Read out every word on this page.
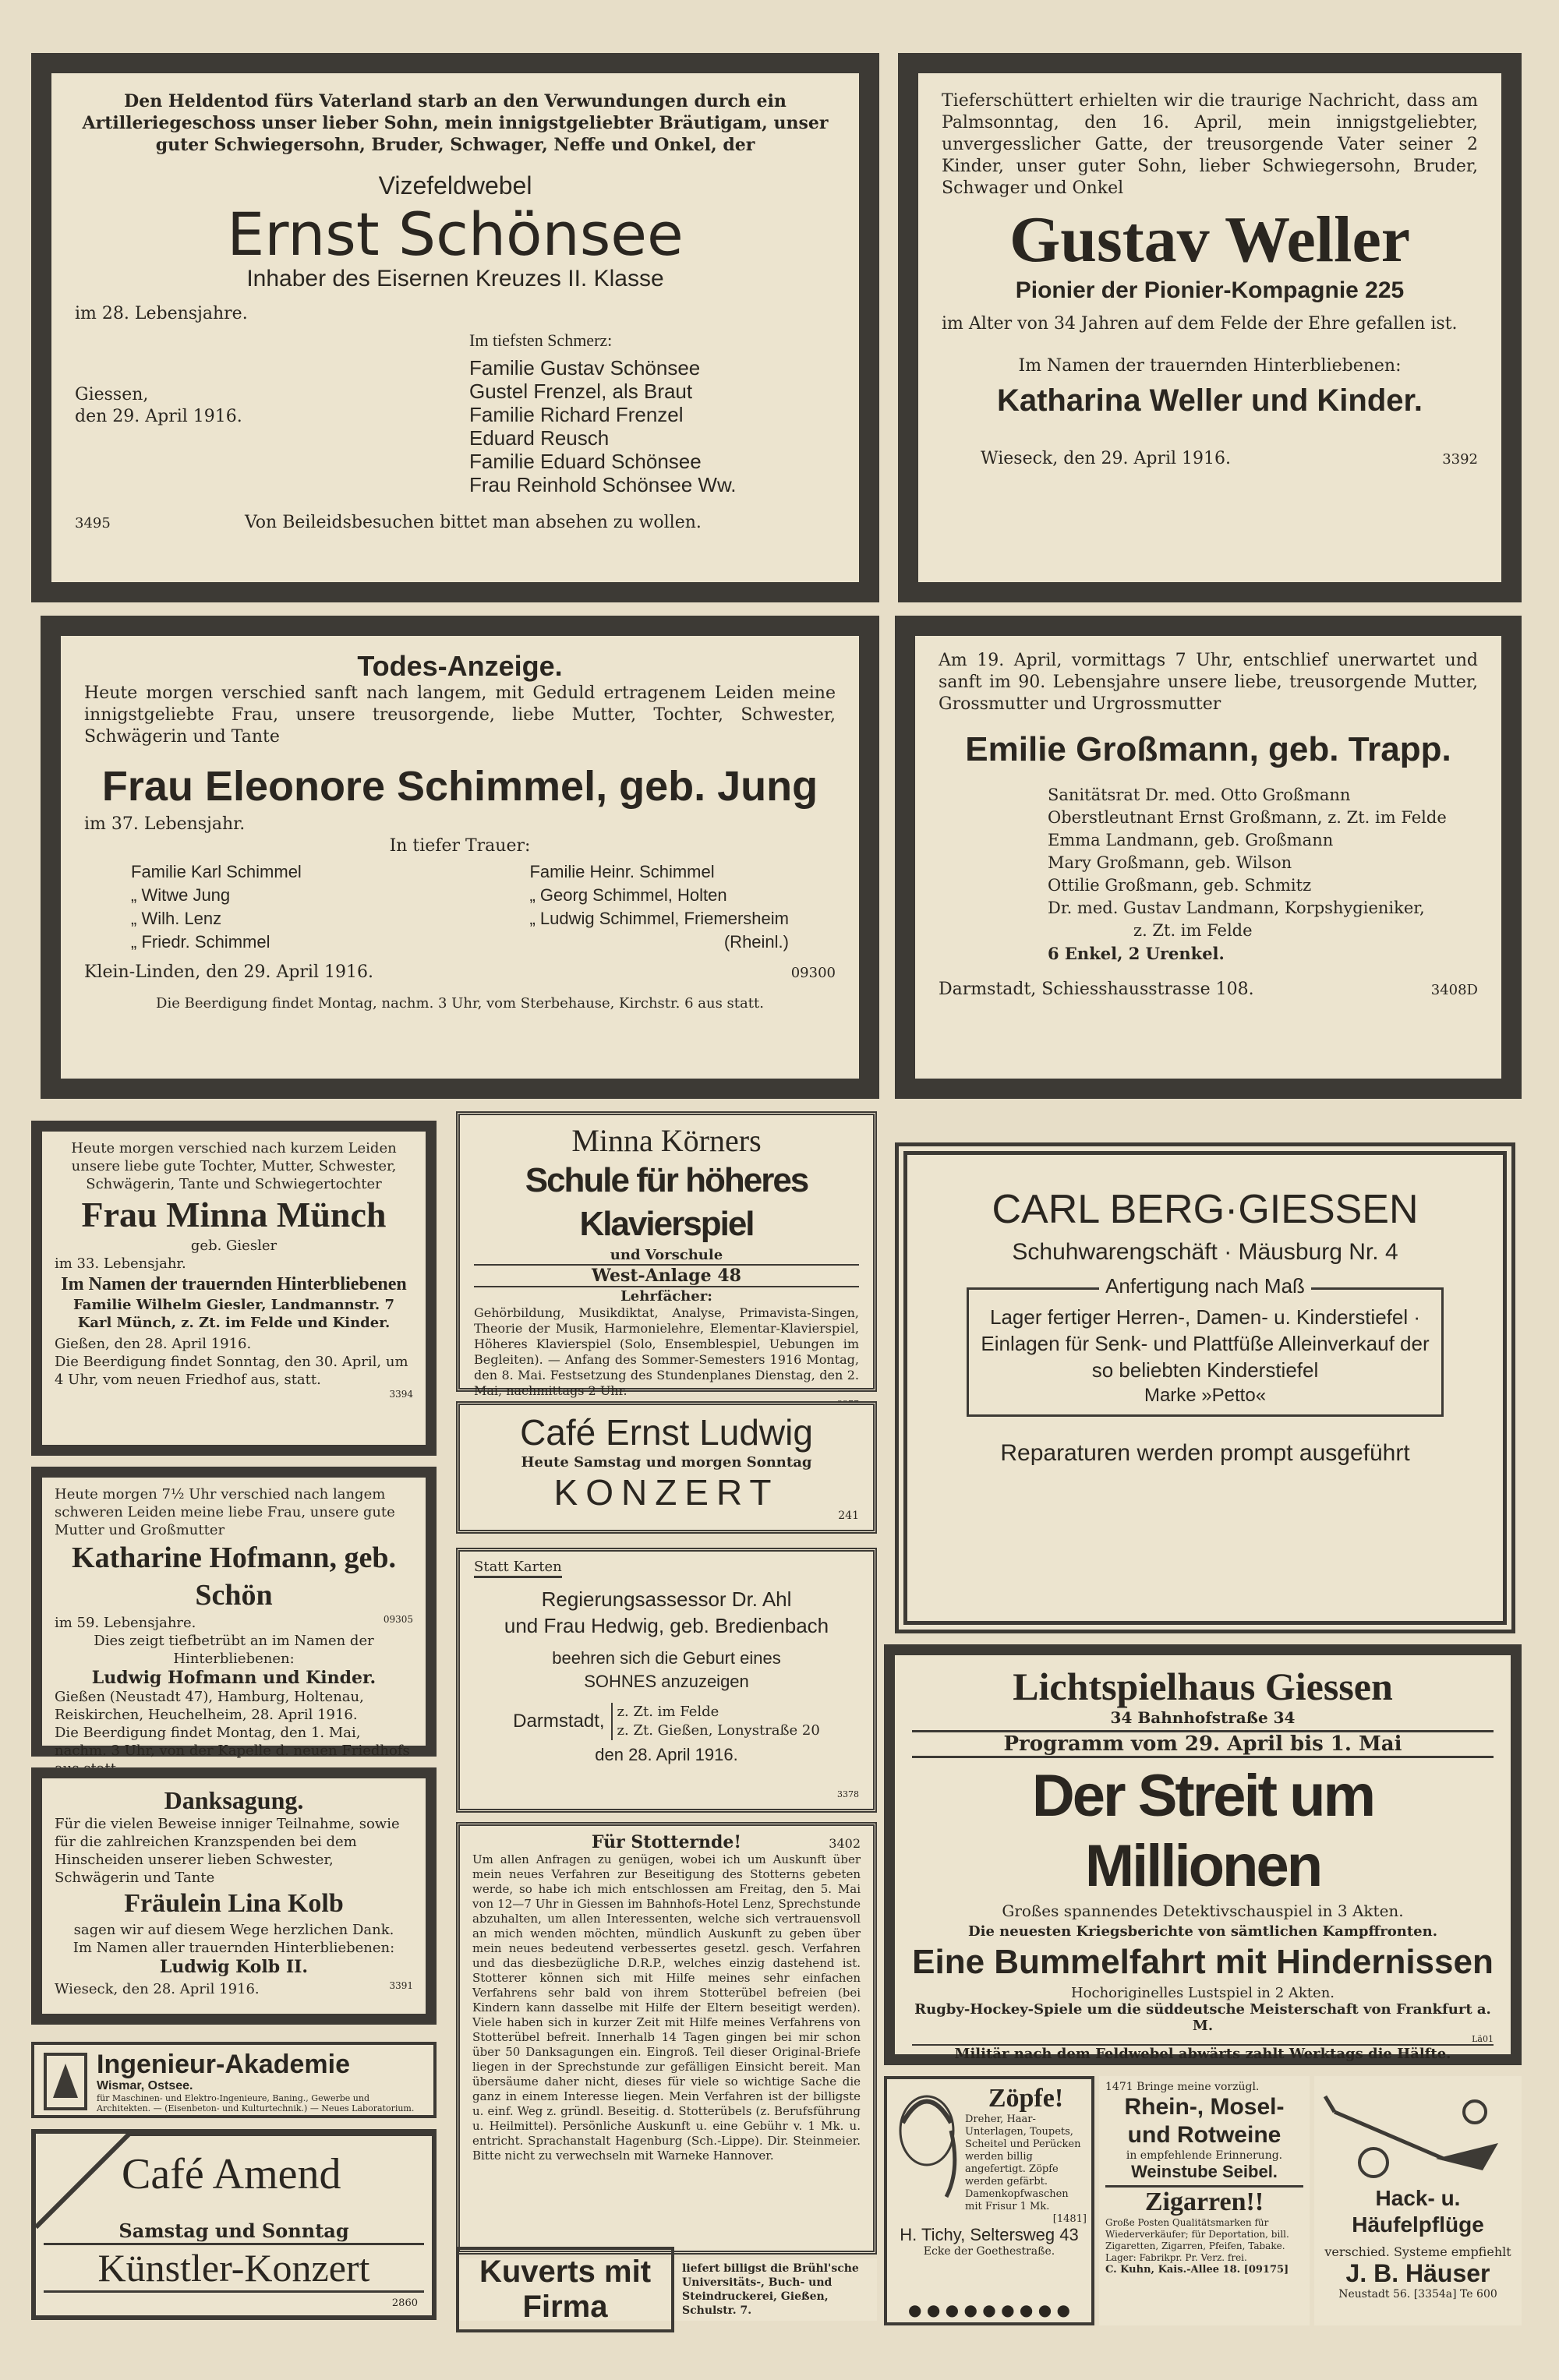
Den Heldentod fürs Vaterland starb an den Verwundungen durch ein Artilleriegeschoss unser lieber Sohn, mein innigstgeliebter Bräutigam, unser guter Schwiegersohn, Bruder, Schwager, Neffe und Onkel, der

Vizefeldwebel

Ernst Schönsee

Inhaber des Eisernen Kreuzes II. Klasse

im 28. Lebensjahre.

Giessen,

den 29. April 1916.

Im tiefsten Schmerz:

Familie Gustav Schönsee

Gustel Frenzel, als Braut

Familie Richard Frenzel

Eduard Reusch

Familie Eduard Schönsee

Frau Reinhold Schönsee Ww.

3495	Von Beileidsbesuchen bittet man absehen zu wollen.

Tieferschüttert erhielten wir die traurige Nachricht, dass am Palmsonntag, den 16. April, mein innigstgeliebter, unvergesslicher Gatte, der treusorgende Vater seiner 2 Kinder, unser guter Sohn, lieber Schwiegersohn, Bruder, Schwager und Onkel

Gustav Weller

Pionier der Pionier-Kompagnie 225

im Alter von 34 Jahren auf dem Felde der Ehre gefallen ist.

Im Namen der trauernden Hinterbliebenen:

Katharina Weller und Kinder.

Wieseck, den 29. April 1916.	3392

Todes-Anzeige.

Heute morgen verschied sanft nach langem, mit Geduld ertragenem Leiden meine innigstgeliebte Frau, unsere treusorgende, liebe Mutter, Tochter, Schwester, Schwägerin und Tante

Frau Eleonore Schimmel, geb. Jung

im 37. Lebensjahr.

In tiefer Trauer:

Familie Karl Schimmel

„ Witwe Jung

„ Wilh. Lenz

„ Friedr. Schimmel

Familie Heinr. Schimmel

„ Georg Schimmel, Holten

„ Ludwig Schimmel, Friemersheim

(Rheinl.)

Klein-Linden, den 29. April 1916.	09300

Die Beerdigung findet Montag, nachm. 3 Uhr, vom Sterbehause, Kirchstr. 6 aus statt.

Am 19. April, vormittags 7 Uhr, entschlief unerwartet und sanft im 90. Lebensjahre unsere liebe, treusorgende Mutter, Grossmutter und Urgrossmutter

Emilie Großmann, geb. Trapp.

Sanitätsrat Dr. med. Otto Großmann

Oberstleutnant Ernst Großmann, z. Zt. im Felde

Emma Landmann, geb. Großmann

Mary Großmann, geb. Wilson

Ottilie Großmann, geb. Schmitz

Dr. med. Gustav Landmann, Korpshygieniker,

z. Zt. im Felde

6 Enkel, 2 Urenkel.

Darmstadt, Schiesshausstrasse 108.	3408D

Heute morgen verschied nach kurzem Leiden unsere liebe gute Tochter, Mutter, Schwester, Schwägerin, Tante und Schwiegertochter

Frau Minna Münch

geb. Giesler

im 33. Lebensjahr.

Im Namen der trauernden Hinterbliebenen

Familie Wilhelm Giesler, Landmannstr. 7

Karl Münch, z. Zt. im Felde und Kinder.

Gießen, den 28. April 1916.

Die Beerdigung findet Sonntag, den 30. April, um 4 Uhr, vom neuen Friedhof aus, statt.

3394

Heute morgen 7½ Uhr verschied nach langem schweren Leiden meine liebe Frau, unsere gute Mutter und Großmutter

Katharine Hofmann, geb. Schön

im 59. Lebensjahre.	09305

Dies zeigt tiefbetrübt an im Namen der Hinterbliebenen:

Ludwig Hofmann und Kinder.

Gießen (Neustadt 47), Hamburg, Holtenau, Reiskirchen, Heuchelheim, 28. April 1916.

Die Beerdigung findet Montag, den 1. Mai, nachm. 3 Uhr, von der Kapelle d. neuen Friedhofs

Danksagung.

Für die vielen Beweise inniger Teilnahme, sowie für die zahlreichen Kranzspenden bei dem Hinscheiden unserer lieben Schwester, Schwägerin und Tante

Fräulein Lina Kolb

sagen wir auf diesem Wege herzlichen Dank.

Im Namen aller trauernden Hinterbliebenen:

Ludwig Kolb II.

Wieseck, den 28. April 1916.	3391

Ingenieur-Akademie

Wismar, Ostsee.

für Maschinen- und Elektro-Ingenieure, Baning., Gewerbe und Architekten. — (Eisenbeton- und Kulturtechnik.) — Neues Laboratorium.

Café Amend

Samstag und Sonntag

Künstler-Konzert

2860

Minna Körners

Schule für höheres Klavierspiel

und Vorschule

West-Anlage 48

Lehrfächer:

Gehörbildung, Musikdiktat, Analyse, Primavista-Singen, Theorie der Musik, Harmonielehre, Elementar-Klavierspiel, Höheres Klavierspiel (Solo, Ensemblespiel, Uebungen im Begleiten). — Anfang des Sommer-Semesters 1916 Montag, den 8. Mai. Festsetzung des Stundenplanes Dienstag, den 2. Mai, nachmittags 2 Uhr.

Café Ernst Ludwig

Heute Samstag und morgen Sonntag

KONZERT

241

Statt Karten

Regierungsassessor Dr. Ahl

und Frau Hedwig, geb. Bredienbach

beehren sich die Geburt eines

SOHNES anzuzeigen

Darmstadt, z. Zt. im Felde

z. Zt. Gießen, Lonystraße 20

den 28. April 1916.

3378

Für Stotternde!	3402

Um allen Anfragen zu genügen, wobei ich um Auskunft über mein neues Verfahren zur Beseitigung des Stotterns gebeten werde, so habe ich mich entschlossen am Freitag, den 5. Mai von 12—7 Uhr in Giessen im Bahnhofs-Hotel Lenz, Sprechstunde abzuhalten, um allen Interessenten, welche sich vertrauensvoll an mich wenden möchten, mündlich Auskunft zu geben über mein neues bedeutend verbessertes gesetzl. gesch. Verfahren und das diesbezügliche D.R.P., welches einzig dastehend ist. Stotterer können sich mit Hilfe meines sehr einfachen Verfahrens sehr bald von ihrem Stotterübel befreien (bei Kindern kann dasselbe mit Hilfe der Eltern beseitigt werden). Viele haben sich in kurzer Zeit mit Hilfe meines Verfahrens von Stotterübel befreit. Innerhalb 14 Tagen gingen bei mir schon über 50 Danksagungen ein. Eingroß. Teil dieser Original-Briefe liegen in der Sprechstunde zur gefälligen Einsicht bereit. Man übersäume daher nicht, dieses für viele so wichtige Sache die ganz in einem Interesse liegen. Mein Verfahren ist der billigste u. einf. Weg z. gründl. Beseitig. d. Stotterübels (z. Berufsführung u. Heilmittel). Persönliche Auskunft u. eine Gebühr v. 1 Mk. u. entricht. Sprachanstalt Hagenburg (Sch.-Lippe). Dir. Steinmeier. Bitte nicht zu verwechseln mit Warneke Hannover.

Kuverts mit Firma

liefert billigst die Brühl'sche Universitäts-, Buch- und Steindruckerei, Gießen, Schulstr. 7.

CARL BERG·GIESSEN

Schuhwarengschäft · Mäusburg Nr. 4

Anfertigung nach Maß

Lager fertiger Herren-, Damen- u. Kinderstiefel · Einlagen für Senk- und Plattfüße Alleinverkauf der so beliebten Kinderstiefel

Marke »Petto«

Reparaturen werden prompt ausgeführt

Lichtspielhaus Giessen

34 Bahnhofstraße 34

Programm vom 29. April bis 1. Mai

Der Streit um Millionen

Großes spannendes Detektivschauspiel in 3 Akten.

Die neuesten Kriegsberichte von sämtlichen Kampffronten.

Eine Bummelfahrt mit Hindernissen

Hochoriginelles Lustspiel in 2 Akten.

Rugby-Hockey-Spiele um die süddeutsche Meisterschaft von Frankfurt a. M.

Lä01

Militär nach dem Feldwebel abwärts zahlt Werktags die Hälfte.

Zöpfe!

Dreher, Haar-Unterlagen, Toupets, Scheitel und Perücken werden billig angefertigt. Zöpfe werden gefärbt. Damenkopfwaschen mit Frisur 1 Mk.

[1481]

H. Tichy, Seltersweg 43

Ecke der Goethestraße.

● ● ● ● ● ● ● ● ●

1471 Bringe meine vorzügl.

Rhein-, Mosel- und Rotweine

in empfehlende Erinnerung.

Weinstube Seibel.

Zigarren!!

Große Posten Qualitätsmarken für Wiederverkäufer; für Deportation, bill. Zigaretten, Zigarren, Pfeifen, Tabake. Lager: Fabrikpr. Pr. Verz. frei.

C. Kuhn, Kais.-Allee 18. [09175]

Hack- u. Häufelpflüge

verschied. Systeme empfiehlt

J. B. Häuser

Neustadt 56. [3354a] Te 600
